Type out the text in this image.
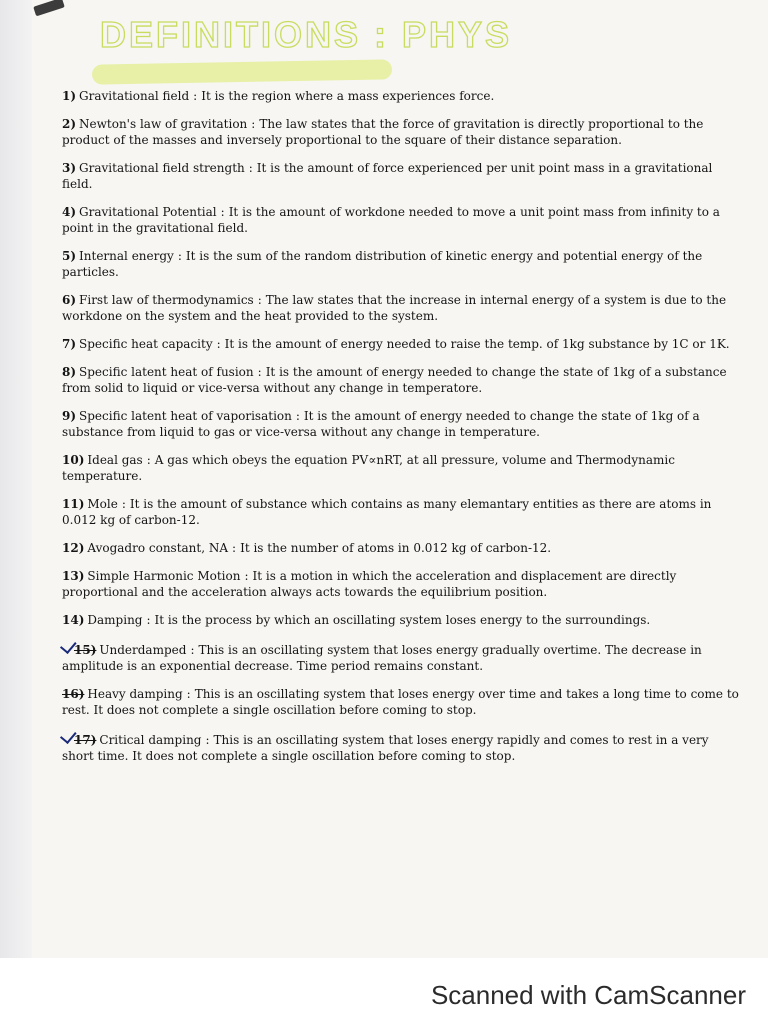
DEFINITIONS : PHYS

1) Gravitational field : It is the region where a mass experiences force.

2) Newton's law of gravitation : The law states that the force of gravitation is directly proportional to the product of the masses and inversely proportional to the square of their distance separation.

3) Gravitational field strength : It is the amount of force experienced per unit point mass in a gravitational field.

4) Gravitational Potential : It is the amount of workdone needed to move a unit point mass from infinity to a point in the gravitational field.

5) Internal energy : It is the sum of the random distribution of kinetic energy and potential energy of the particles.

6) First law of thermodynamics : The law states that the increase in internal energy of a system is due to the workdone on the system and the heat provided to the system.

7) Specific heat capacity : It is the amount of energy needed to raise the temp. of 1kg substance by 1C or 1K.

8) Specific latent heat of fusion : It is the amount of energy needed to change the state of 1kg of a substance from solid to liquid or vice-versa without any change in temperatore.

9) Specific latent heat of vaporisation : It is the amount of energy needed to change the state of 1kg of a substance from liquid to gas or vice-versa without any change in temperature.

10) Ideal gas : A gas which obeys the equation PV∝nRT, at all pressure, volume and Thermodynamic temperature.

11) Mole : It is the amount of substance which contains as many elemantary entities as there are atoms in 0.012 kg of carbon-12.

12) Avogadro constant, NA : It is the number of atoms in 0.012 kg of carbon-12.

13) Simple Harmonic Motion : It is a motion in which the acceleration and displacement are directly proportional and the acceleration always acts towards the equilibrium position.

14) Damping : It is the process by which an oscillating system loses energy to the surroundings.

15) Underdamped : This is an oscillating system that loses energy gradually overtime. The decrease in amplitude is an exponential decrease. Time period remains constant.

16) Heavy damping : This is an oscillating system that loses energy over time and takes a long time to come to rest. It does not complete a single oscillation before coming to stop.

17) Critical damping : This is an oscillating system that loses energy rapidly and comes to rest in a very short time. It does not complete a single oscillation before coming to stop.

Scanned with CamScanner
